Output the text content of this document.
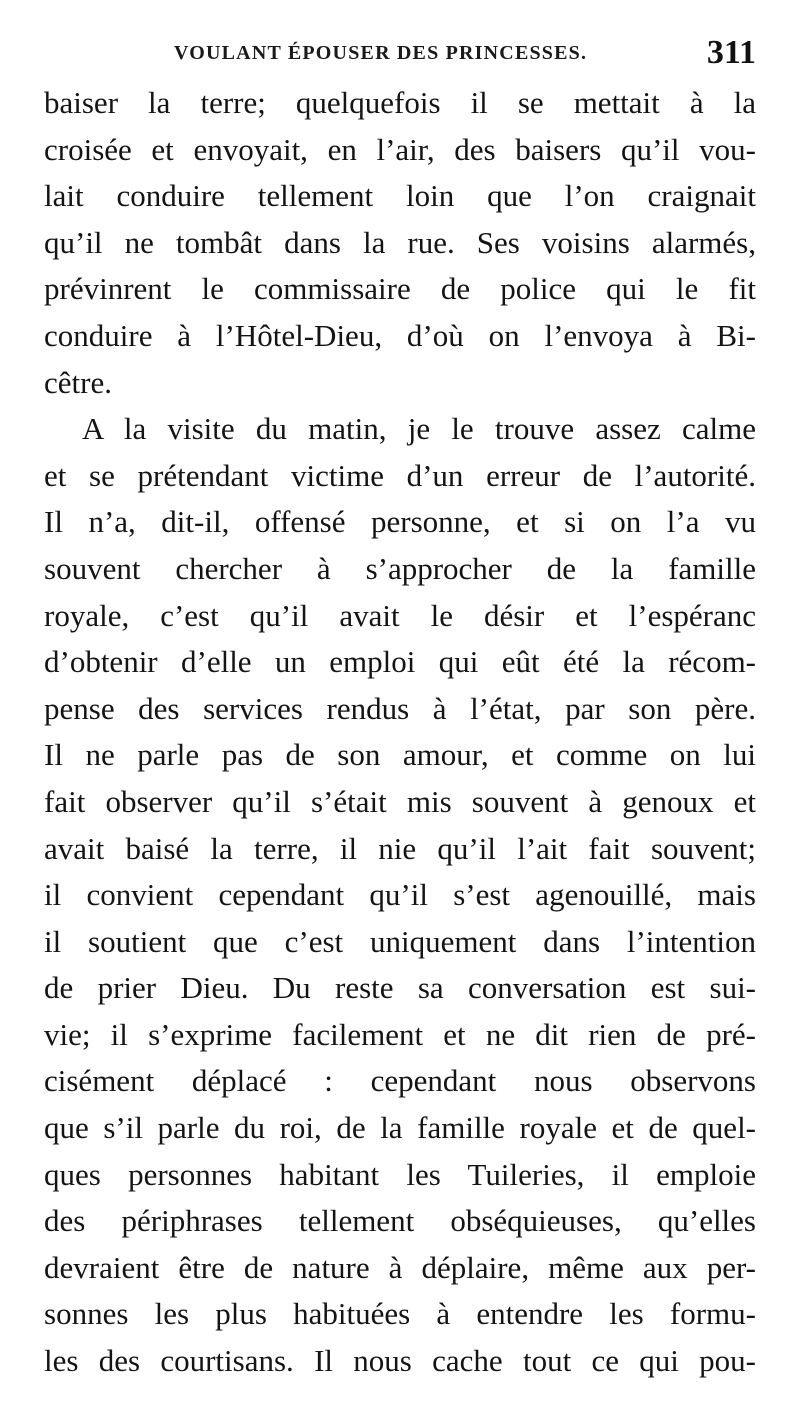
VOULANT ÉPOUSER DES PRINCESSES.	311
baiser la terre; quelquefois il se mettait à la
croisée et envoyait, en l’air, des baisers qu’il vou-
lait conduire tellement loin que l’on craignait
qu’il ne tombât dans la rue. Ses voisins alarmés,
prévinrent le commissaire de police qui le fit
conduire à l’Hôtel-Dieu, d’où on l’envoya à Bi-
cêtre.
A la visite du matin, je le trouve assez calme
et se prétendant victime d’un erreur de l’autorité.
Il n’a, dit-il, offensé personne, et si on l’a vu
souvent chercher à s’approcher de la famille
royale, c’est qu’il avait le désir et l’espéranc
d’obtenir d’elle un emploi qui eût été la récom-
pense des services rendus à l’état, par son père.
Il ne parle pas de son amour, et comme on lui
fait observer qu’il s’était mis souvent à genoux et
avait baisé la terre, il nie qu’il l’ait fait souvent;
il convient cependant qu’il s’est agenouillé, mais
il soutient que c’est uniquement dans l’intention
de prier Dieu. Du reste sa conversation est sui-
vie; il s’exprime facilement et ne dit rien de pré-
cisément déplacé : cependant nous observons
que s’il parle du roi, de la famille royale et de quel-
ques personnes habitant les Tuileries, il emploie
des périphrases tellement obséquieuses, qu’elles
devraient être de nature à déplaire, même aux per-
sonnes les plus habituées à entendre les formu-
les des courtisans. Il nous cache tout ce qui pou-
